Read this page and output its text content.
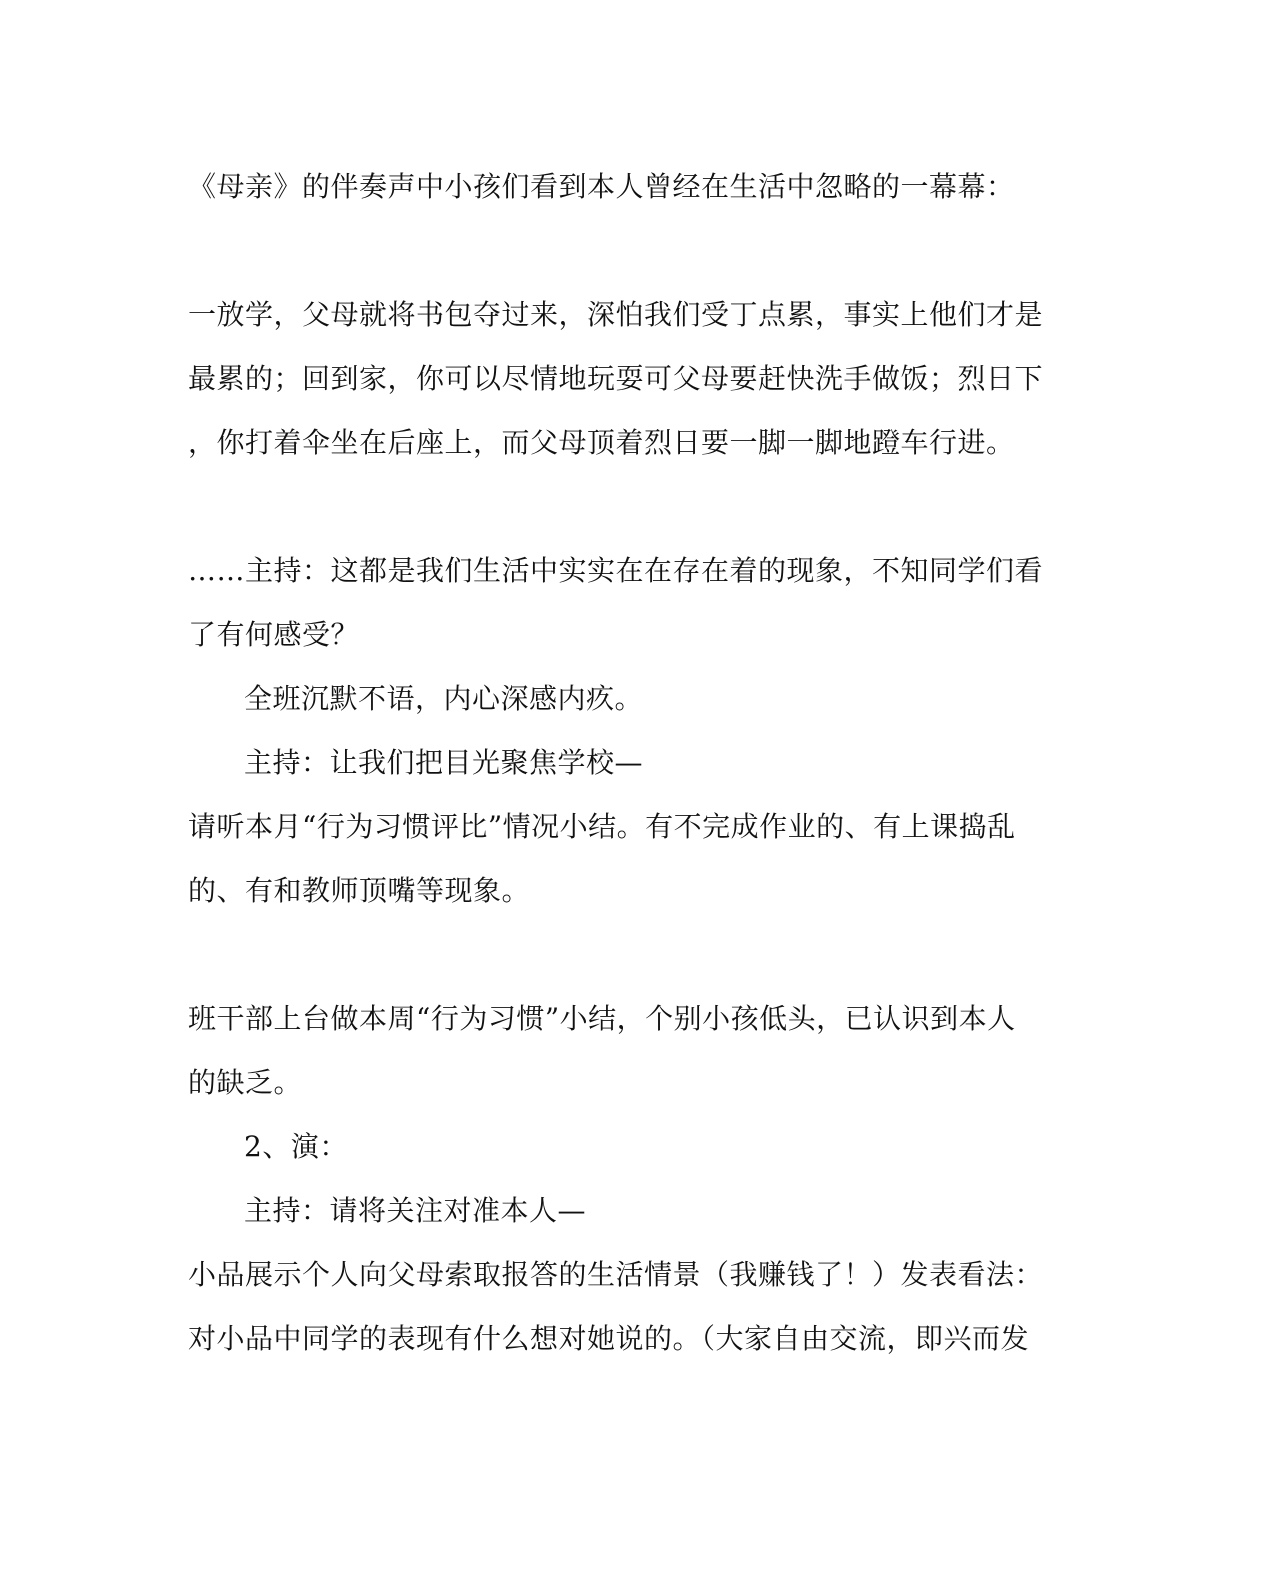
《母亲》的伴奏声中小孩们看到本人曾经在生活中忽略的一幕幕：
一放学，父母就将书包夺过来，深怕我们受丁点累，事实上他们才是
最累的；回到家，你可以尽情地玩耍可父母要赶快洗手做饭；烈日下
，你打着伞坐在后座上，而父母顶着烈日要一脚一脚地蹬车行进。
……主持：这都是我们生活中实实在在存在着的现象，不知同学们看
了有何感受？
全班沉默不语，内心深感内疚。
主持：让我们把目光聚焦学校—
请听本月“行为习惯评比”情况小结。有不完成作业的、有上课捣乱
的、有和教师顶嘴等现象。
班干部上台做本周“行为习惯”小结，个别小孩低头，已认识到本人
的缺乏。
2、演：
主持：请将关注对准本人—
小品展示个人向父母索取报答的生活情景（我赚钱了！）发表看法：
对小品中同学的表现有什么想对她说的。（大家自由交流，即兴而发
